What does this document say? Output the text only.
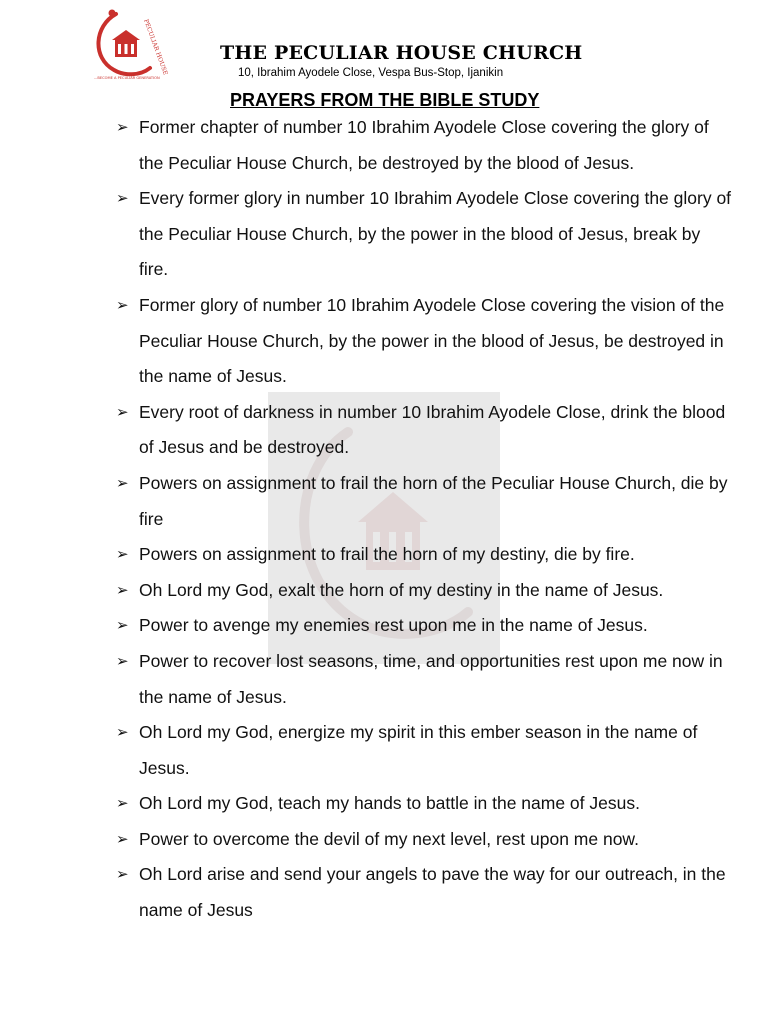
PECULIAR HOUSE
...BECOME A PECULIAR GENERATION
THE PECULIAR HOUSE CHURCH
10, Ibrahim Ayodele Close, Vespa Bus-Stop, Ijanikin
PRAYERS FROM THE BIBLE STUDY
➢ Former chapter of number 10 Ibrahim Ayodele Close covering the glory of the Peculiar House Church, be destroyed by the blood of Jesus.
➢ Every former glory in number 10 Ibrahim Ayodele Close covering the glory of the Peculiar House Church, by the power in the blood of Jesus, break by fire.
➢ Former glory of number 10 Ibrahim Ayodele Close covering the vision of the Peculiar House Church, by the power in the blood of Jesus, be destroyed in the name of Jesus.
➢ Every root of darkness in number 10 Ibrahim Ayodele Close, drink the blood of Jesus and be destroyed.
➢ Powers on assignment to frail the horn of the Peculiar House Church, die by fire
➢ Powers on assignment to frail the horn of my destiny, die by fire.
➢ Oh Lord my God, exalt the horn of my destiny in the name of Jesus.
➢ Power to avenge my enemies rest upon me in the name of Jesus.
➢ Power to recover lost seasons, time, and opportunities rest upon me now in the name of Jesus.
➢ Oh Lord my God, energize my spirit in this ember season in the name of Jesus.
➢ Oh Lord my God, teach my hands to battle in the name of Jesus.
➢ Power to overcome the devil of my next level, rest upon me now.
➢ Oh Lord arise and send your angels to pave the way for our outreach, in the name of Jesus
